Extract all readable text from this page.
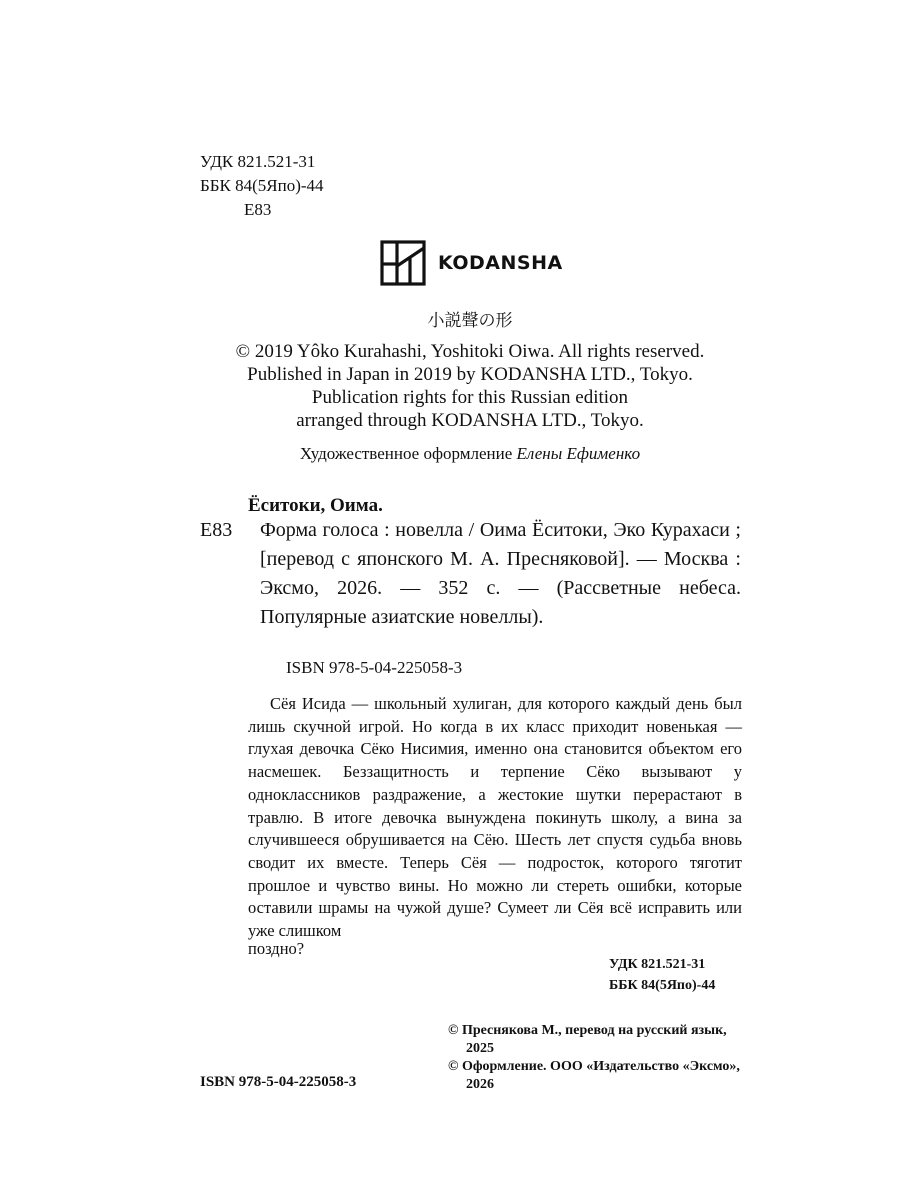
УДК 821.521-31
ББК 84(5Япо)-44
Е83
KODANSHA
小説聲の形
© 2019 Yôko Kurahashi, Yoshitoki Oiwa. All rights reserved.
Published in Japan in 2019 by KODANSHA LTD., Tokyo.
Publication rights for this Russian edition
arranged through KODANSHA LTD., Tokyo.
Художественное оформление Елены Ефименко
Ёситоки, Оима.
Е83 Форма голоса : новелла / Оима Ёситоки, Эко Курахаси ; [перевод с японского М. А. Пресняковой]. — Москва : Эксмо, 2026. — 352 с. — (Рассветные небеса. Популярные азиатские новеллы).
ISBN 978-5-04-225058-3
Сёя Исида — школьный хулиган, для которого каждый день был лишь скучной игрой. Но когда в их класс приходит новенькая — глухая девочка Сёко Нисимия, именно она становится объектом его насмешек. Беззащитность и терпение Сёко вызывают у одноклассников раздражение, а жестокие шутки перерастают в травлю. В итоге девочка вынуждена покинуть школу, а вина за случившееся обрушивается на Сёю. Шесть лет спустя судьба вновь сводит их вместе. Теперь Сёя — подросток, которого тяготит прошлое и чувство вины. Но можно ли стереть ошибки, которые оставили шрамы на чужой душе? Сумеет ли Сёя всё исправить или уже слишком
поздно?
УДК 821.521-31
ББК 84(5Япо)-44
© Преснякова М., перевод на русский язык, 2025
© Оформление. ООО «Издательство «Эксмо», 2026
ISBN 978-5-04-225058-3
